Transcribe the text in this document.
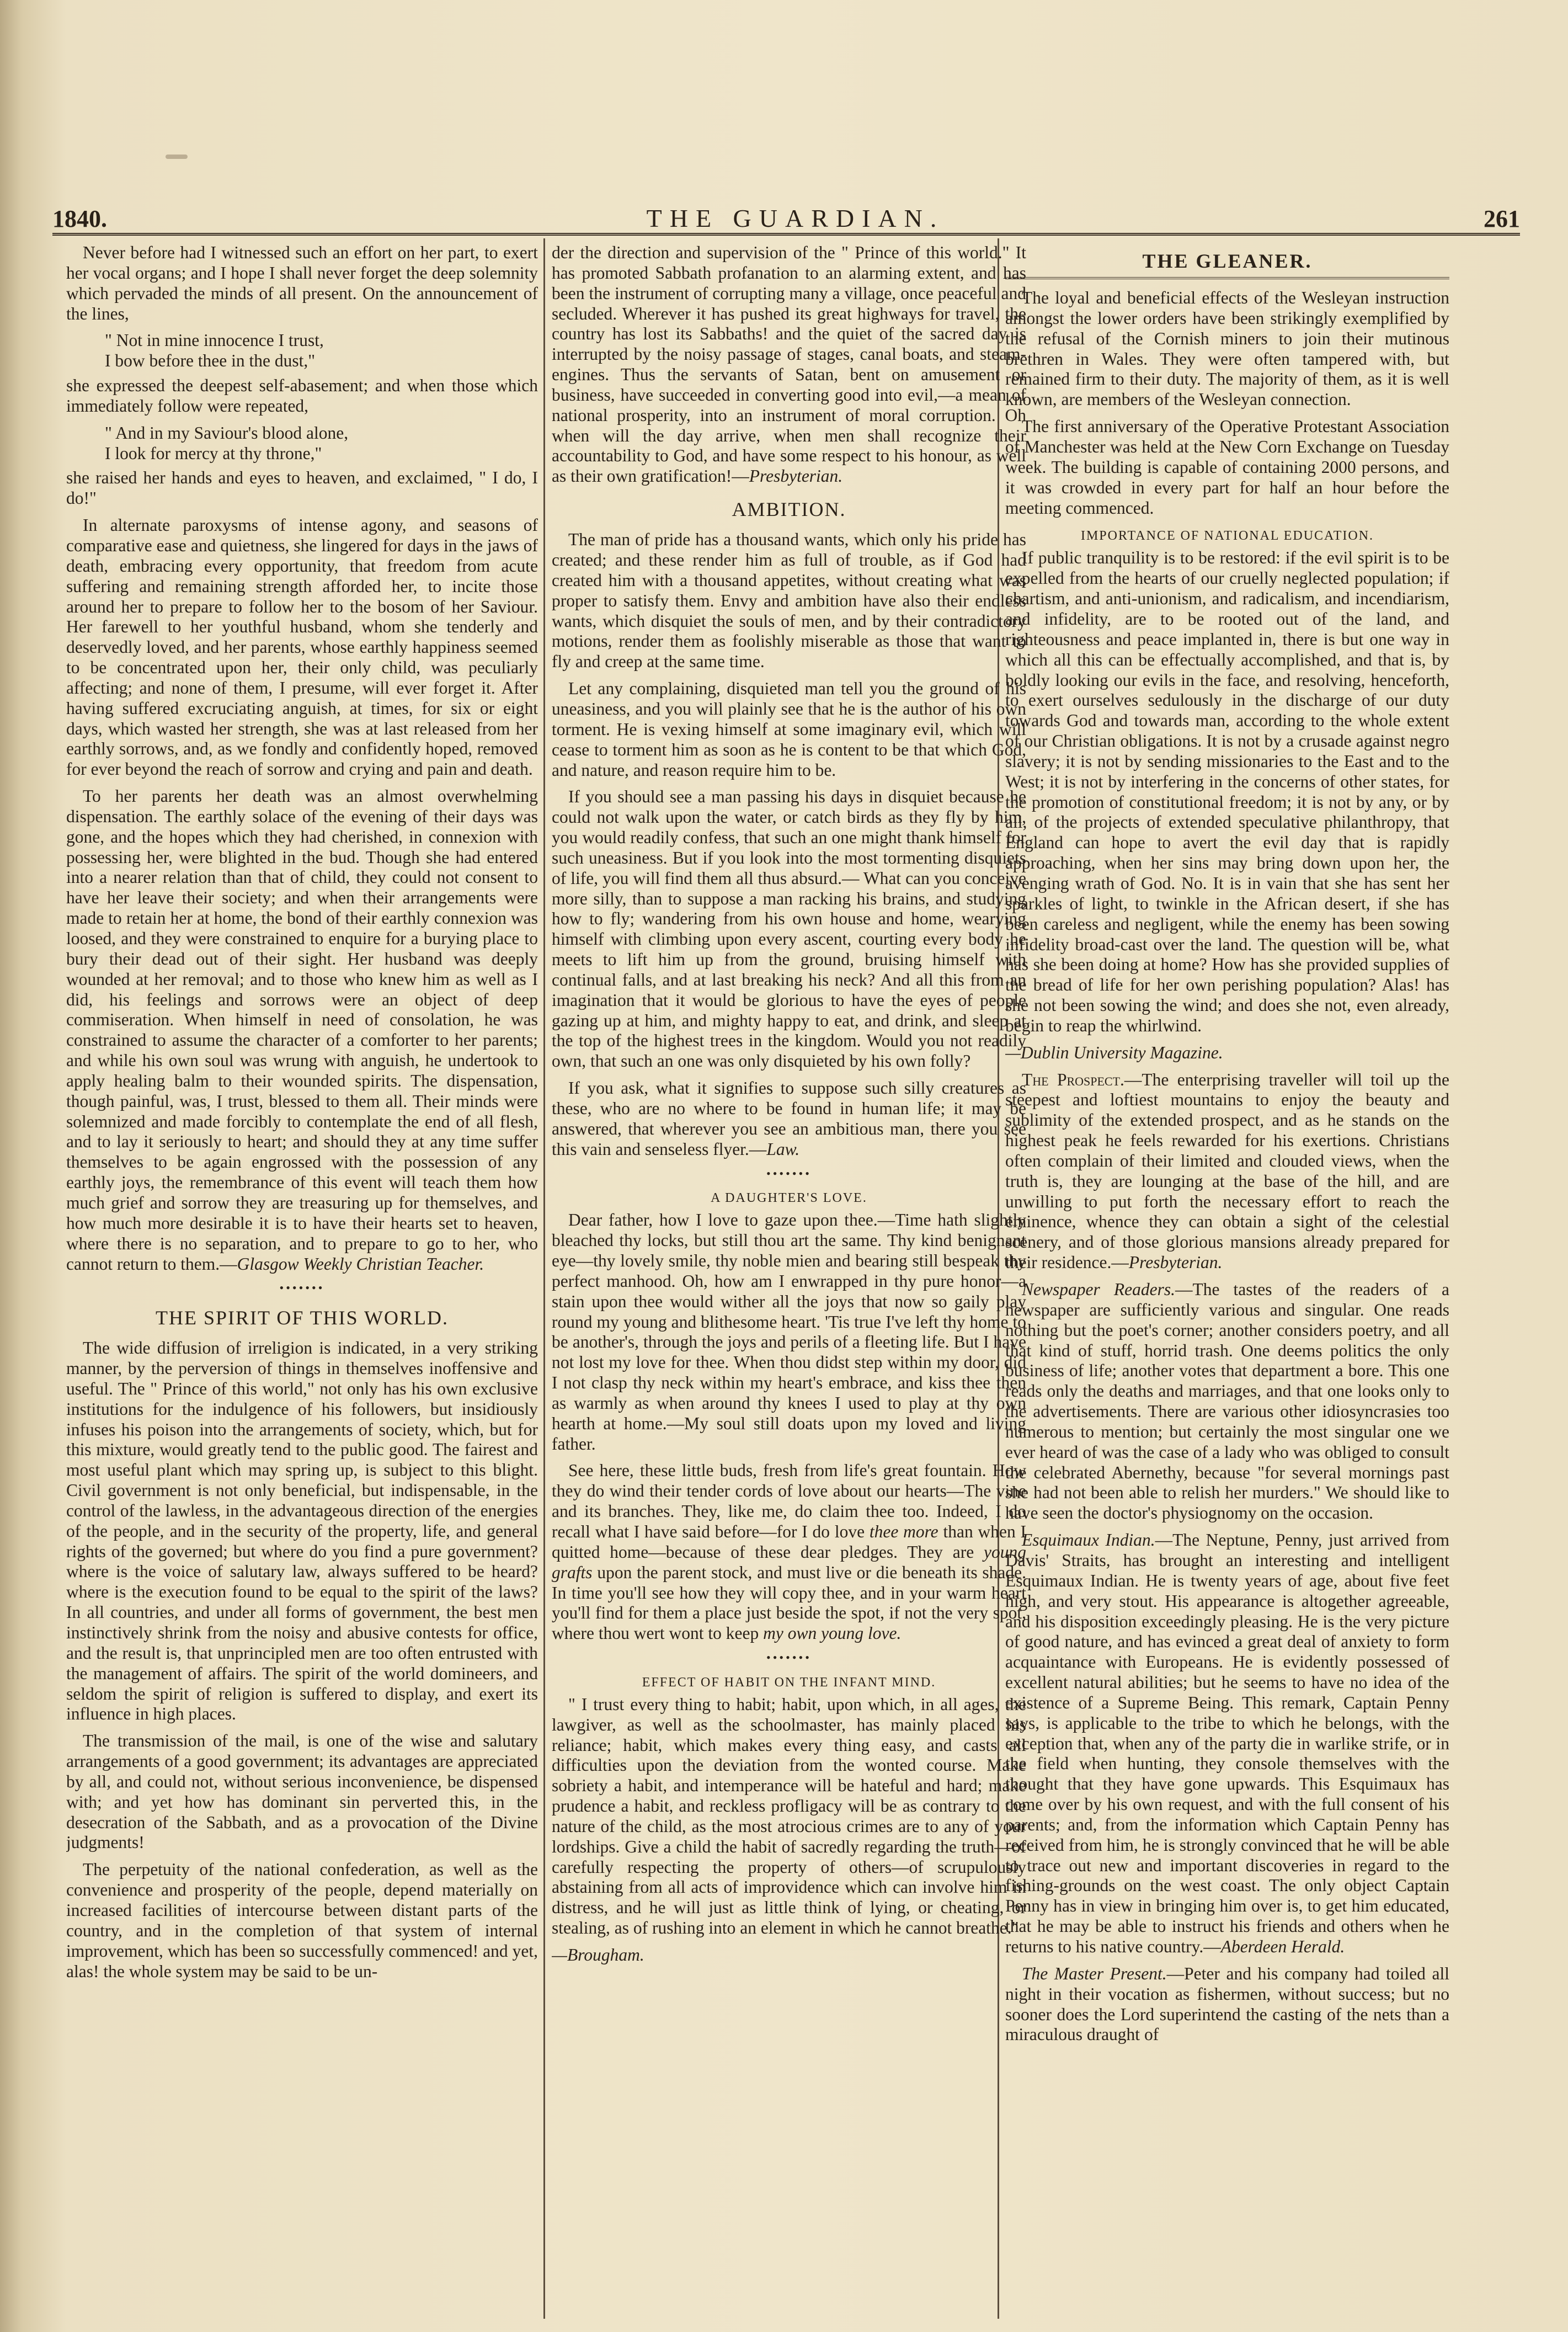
1840.	THE GUARDIAN.	261

Never before had I witnessed such an effort on her part, to exert her vocal organs; and I hope I shall never forget the deep solemnity which pervaded the minds of all present. On the announcement of the lines,

" Not in mine innocence I trust,
I bow before thee in the dust,"

she expressed the deepest self-abasement; and when those which immediately follow were repeated,

" And in my Saviour's blood alone,
I look for mercy at thy throne,"

she raised her hands and eyes to heaven, and exclaimed, " I do, I do!"

In alternate paroxysms of intense agony, and seasons of comparative ease and quietness, she lingered for days in the jaws of death, embracing every opportunity, that freedom from acute suffering and remaining strength afforded her, to incite those around her to prepare to follow her to the bosom of her Saviour. Her farewell to her youthful husband, whom she tenderly and deservedly loved, and her parents, whose earthly happiness seemed to be concentrated upon her, their only child, was peculiarly affecting; and none of them, I presume, will ever forget it. After having suffered excruciating anguish, at times, for six or eight days, which wasted her strength, she was at last released from her earthly sorrows, and, as we fondly and confidently hoped, removed for ever beyond the reach of sorrow and crying and pain and death.

To her parents her death was an almost overwhelming dispensation. The earthly solace of the evening of their days was gone, and the hopes which they had cherished, in connexion with possessing her, were blighted in the bud. Though she had entered into a nearer relation than that of child, they could not consent to have her leave their society; and when their arrangements were made to retain her at home, the bond of their earthly connexion was loosed, and they were constrained to enquire for a burying place to bury their dead out of their sight. Her husband was deeply wounded at her removal; and to those who knew him as well as I did, his feelings and sorrows were an object of deep commiseration. When himself in need of consolation, he was constrained to assume the character of a comforter to her parents; and while his own soul was wrung with anguish, he undertook to apply healing balm to their wounded spirits. The dispensation, though painful, was, I trust, blessed to them all. Their minds were solemnized and made forcibly to contemplate the end of all flesh, and to lay it seriously to heart; and should they at any time suffer themselves to be again engrossed with the possession of any earthly joys, the remembrance of this event will teach them how much grief and sorrow they are treasuring up for themselves, and how much more desirable it is to have their hearts set to heaven, where there is no separation, and to prepare to go to her, who cannot return to them.—Glasgow Weekly Christian Teacher.

•••••••
THE SPIRIT OF THIS WORLD.

The wide diffusion of irreligion is indicated, in a very striking manner, by the perversion of things in themselves inoffensive and useful. The " Prince of this world," not only has his own exclusive institutions for the indulgence of his followers, but insidiously infuses his poison into the arrangements of society, which, but for this mixture, would greatly tend to the public good. The fairest and most useful plant which may spring up, is subject to this blight. Civil government is not only beneficial, but indispensable, in the control of the lawless, in the advantageous direction of the energies of the people, and in the security of the property, life, and general rights of the governed; but where do you find a pure government? where is the voice of salutary law, always suffered to be heard? where is the execution found to be equal to the spirit of the laws? In all countries, and under all forms of government, the best men instinctively shrink from the noisy and abusive contests for office, and the result is, that unprincipled men are too often entrusted with the management of affairs. The spirit of the world domineers, and seldom the spirit of religion is suffered to display, and exert its influence in high places.

The transmission of the mail, is one of the wise and salutary arrangements of a good government; its advantages are appreciated by all, and could not, without serious inconvenience, be dispensed with; and yet how has dominant sin perverted this, in the desecration of the Sabbath, and as a provocation of the Divine judgments!

The perpetuity of the national confederation, as well as the convenience and prosperity of the people, depend materially on increased facilities of intercourse between distant parts of the country, and in the completion of that system of internal improvement, which has been so successfully commenced! and yet, alas! the whole system may be said to be un-

der the direction and supervision of the " Prince of this world." It has promoted Sabbath profanation to an alarming extent, and has been the instrument of corrupting many a village, once peaceful and secluded. Wherever it has pushed its great highways for travel, the country has lost its Sabbaths! and the quiet of the sacred day is interrupted by the noisy passage of stages, canal boats, and steam-engines. Thus the servants of Satan, bent on amusement or business, have succeeded in converting good into evil,—a mean of national prosperity, into an instrument of moral corruption. Oh when will the day arrive, when men shall recognize their accountability to God, and have some respect to his honour, as well as their own gratification!—Presbyterian.

AMBITION.

The man of pride has a thousand wants, which only his pride has created; and these render him as full of trouble, as if God had created him with a thousand appetites, without creating what was proper to satisfy them. Envy and ambition have also their endless wants, which disquiet the souls of men, and by their contradictory motions, render them as foolishly miserable as those that want to fly and creep at the same time.

Let any complaining, disquieted man tell you the ground of his uneasiness, and you will plainly see that he is the author of his own torment. He is vexing himself at some imaginary evil, which will cease to torment him as soon as he is content to be that which God, and nature, and reason require him to be.

If you should see a man passing his days in disquiet because he could not walk upon the water, or catch birds as they fly by him, you would readily confess, that such an one might thank himself for such uneasiness. But if you look into the most tormenting disquiets of life, you will find them all thus absurd.— What can you conceive more silly, than to suppose a man racking his brains, and studying how to fly; wandering from his own house and home, wearying himself with climbing upon every ascent, courting every body he meets to lift him up from the ground, bruising himself with continual falls, and at last breaking his neck? And all this from an imagination that it would be glorious to have the eyes of people gazing up at him, and mighty happy to eat, and drink, and sleep at the top of the highest trees in the kingdom. Would you not readily own, that such an one was only disquieted by his own folly?

If you ask, what it signifies to suppose such silly creatures as these, who are no where to be found in human life; it may be answered, that wherever you see an ambitious man, there you see this vain and senseless flyer.—Law.

•••••••
A DAUGHTER'S LOVE.

Dear father, how I love to gaze upon thee.—Time hath slightly bleached thy locks, but still thou art the same. Thy kind benignant eye—thy lovely smile, thy noble mien and bearing still bespeak thy perfect manhood. Oh, how am I enwrapped in thy pure honor—a stain upon thee would wither all the joys that now so gaily play round my young and blithesome heart. 'Tis true I've left thy home to be another's, through the joys and perils of a fleeting life. But I have not lost my love for thee. When thou didst step within my door, did I not clasp thy neck within my heart's embrace, and kiss thee then as warmly as when around thy knees I used to play at thy own hearth at home.—My soul still doats upon my loved and living father.

See here, these little buds, fresh from life's great fountain. How they do wind their tender cords of love about our hearts—The vine and its branches. They, like me, do claim thee too. Indeed, I do recall what I have said before—for I do love thee more than when I quitted home—because of these dear pledges. They are young grafts upon the parent stock, and must live or die beneath its shade. In time you'll see how they will copy thee, and in your warm heart you'll find for them a place just beside the spot, if not the very spot, where thou wert wont to keep my own young love.

•••••••
EFFECT OF HABIT ON THE INFANT MIND.

" I trust every thing to habit; habit, upon which, in all ages, the lawgiver, as well as the schoolmaster, has mainly placed his reliance; habit, which makes every thing easy, and casts all difficulties upon the deviation from the wonted course. Make sobriety a habit, and intemperance will be hateful and hard; make prudence a habit, and reckless profligacy will be as contrary to the nature of the child, as the most atrocious crimes are to any of your lordships. Give a child the habit of sacredly regarding the truth—of carefully respecting the property of others—of scrupulously abstaining from all acts of improvidence which can involve him in distress, and he will just as little think of lying, or cheating, or stealing, as of rushing into an element in which he cannot breathe."

—Brougham.

THE GLEANER.

The loyal and beneficial effects of the Wesleyan instruction amongst the lower orders have been strikingly exemplified by the refusal of the Cornish miners to join their mutinous brethren in Wales. They were often tampered with, but remained firm to their duty. The majority of them, as it is well known, are members of the Wesleyan connection.

The first anniversary of the Operative Protestant Association of Manchester was held at the New Corn Exchange on Tuesday week. The building is capable of containing 2000 persons, and it was crowded in every part for half an hour before the meeting commenced.

IMPORTANCE OF NATIONAL EDUCATION.

If public tranquility is to be restored: if the evil spirit is to be expelled from the hearts of our cruelly neglected population; if chartism, and anti-unionism, and radicalism, and incendiarism, and infidelity, are to be rooted out of the land, and righteousness and peace implanted in, there is but one way in which all this can be effectually accomplished, and that is, by boldly looking our evils in the face, and resolving, henceforth, to exert ourselves sedulously in the discharge of our duty towards God and towards man, according to the whole extent of our Christian obligations. It is not by a crusade against negro slavery; it is not by sending missionaries to the East and to the West; it is not by interfering in the concerns of other states, for the promotion of constitutional freedom; it is not by any, or by all, of the projects of extended speculative philanthropy, that England can hope to avert the evil day that is rapidly approaching, when her sins may bring down upon her, the avenging wrath of God. No. It is in vain that she has sent her sparkles of light, to twinkle in the African desert, if she has been careless and negligent, while the enemy has been sowing infidelity broad-cast over the land. The question will be, what has she been doing at home? How has she provided supplies of the bread of life for her own perishing population? Alas! has she not been sowing the wind; and does she not, even already, begin to reap the whirlwind.

—Dublin University Magazine.

The Prospect.—The enterprising traveller will toil up the steepest and loftiest mountains to enjoy the beauty and sublimity of the extended prospect, and as he stands on the highest peak he feels rewarded for his exertions. Christians often complain of their limited and clouded views, when the truth is, they are lounging at the base of the hill, and are unwilling to put forth the necessary effort to reach the eminence, whence they can obtain a sight of the celestial scenery, and of those glorious mansions already prepared for their residence.—Presbyterian.

Newspaper Readers.—The tastes of the readers of a newspaper are sufficiently various and singular. One reads nothing but the poet's corner; another considers poetry, and all that kind of stuff, horrid trash. One deems politics the only business of life; another votes that department a bore. This one reads only the deaths and marriages, and that one looks only to the advertisements. There are various other idiosyncrasies too numerous to mention; but certainly the most singular one we ever heard of was the case of a lady who was obliged to consult the celebrated Abernethy, because "for several mornings past she had not been able to relish her murders." We should like to have seen the doctor's physiognomy on the occasion.

Esquimaux Indian.—The Neptune, Penny, just arrived from Davis' Straits, has brought an interesting and intelligent Esquimaux Indian. He is twenty years of age, about five feet high, and very stout. His appearance is altogether agreeable, and his disposition exceedingly pleasing. He is the very picture of good nature, and has evinced a great deal of anxiety to form acquaintance with Europeans. He is evidently possessed of excellent natural abilities; but he seems to have no idea of the existence of a Supreme Being. This remark, Captain Penny says, is applicable to the tribe to which he belongs, with the exception that, when any of the party die in warlike strife, or in the field when hunting, they console themselves with the thought that they have gone upwards. This Esquimaux has come over by his own request, and with the full consent of his parents; and, from the information which Captain Penny has received from him, he is strongly convinced that he will be able to trace out new and important discoveries in regard to the fishing-grounds on the west coast. The only object Captain Penny has in view in bringing him over is, to get him educated, that he may be able to instruct his friends and others when he returns to his native country.—Aberdeen Herald.

The Master Present.—Peter and his company had toiled all night in their vocation as fishermen, without success; but no sooner does the Lord superintend the casting of the nets than a miraculous draught of
